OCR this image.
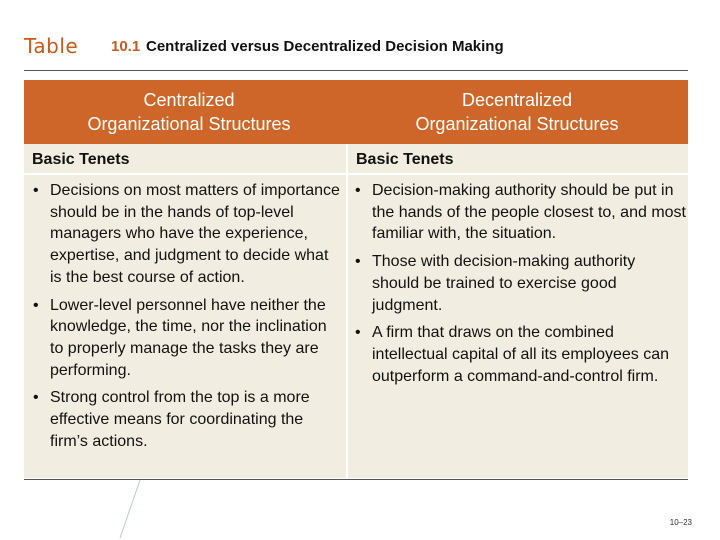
Table 10.1 Centralized versus Decentralized Decision Making
Centralized
Organizational Structures
Decentralized
Organizational Structures
Basic Tenets	Basic Tenets
• Decisions on most matters of importance should be in the hands of top-level managers who have the experience, expertise, and judgment to decide what is the best course of action.
• Lower-level personnel have neither the knowledge, the time, nor the inclination to properly manage the tasks they are performing.
• Strong control from the top is a more effective means for coordinating the firm’s actions.
• Decision-making authority should be put in the hands of the people closest to, and most familiar with, the situation.
• Those with decision-making authority should be trained to exercise good judgment.
• A firm that draws on the combined intellectual capital of all its employees can outperform a command-and-control firm.
10–23
